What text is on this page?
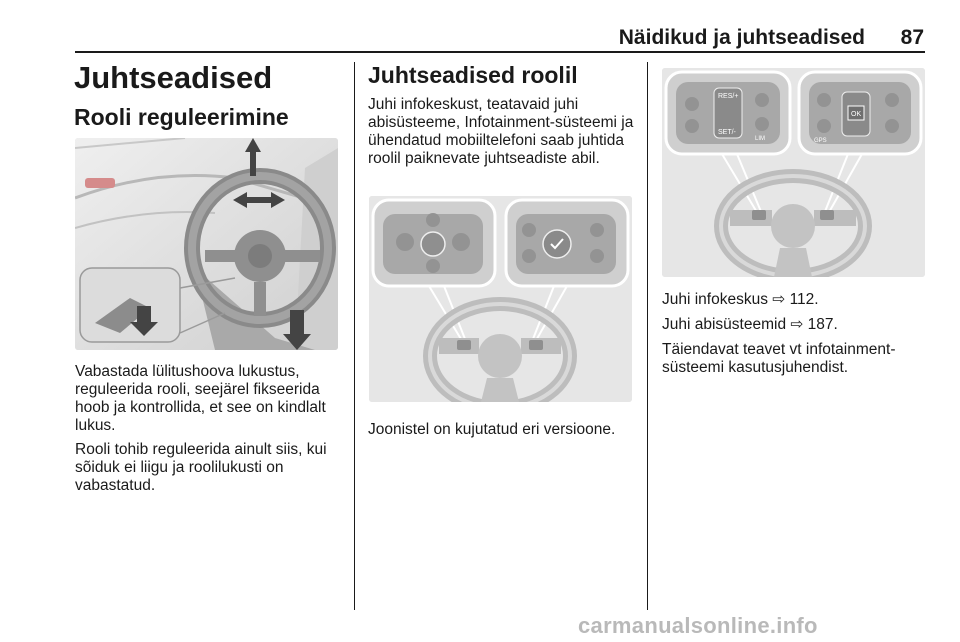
Näidikud ja juhtseadised 87
Juhtseadised
Rooli reguleerimine

Vabastada lülitushoova lukustus, reguleerida rooli, seejärel fikseerida hoob ja kontrollida, et see on kindlalt lukus.

Rooli tohib reguleerida ainult siis, kui sõiduk ei liigu ja roolilukusti on vabastatud.

Juhtseadised roolil

Juhi infokeskust, teatavaid juhi abisüsteeme, Infotainment-süsteemi ja ühendatud mobiiltelefoni saab juhtida roolil paiknevate juhtseadiste abil.

Joonistel on kujutatud eri versioone.

RES/+
SET/-
LIM
OK
GPS

Juhi infokeskus ⇨ 112.

Juhi abisüsteemid ⇨ 187.

Täiendavat teavet vt infotainment-süsteemi kasutusjuhendist.

carmanualsonline.info
